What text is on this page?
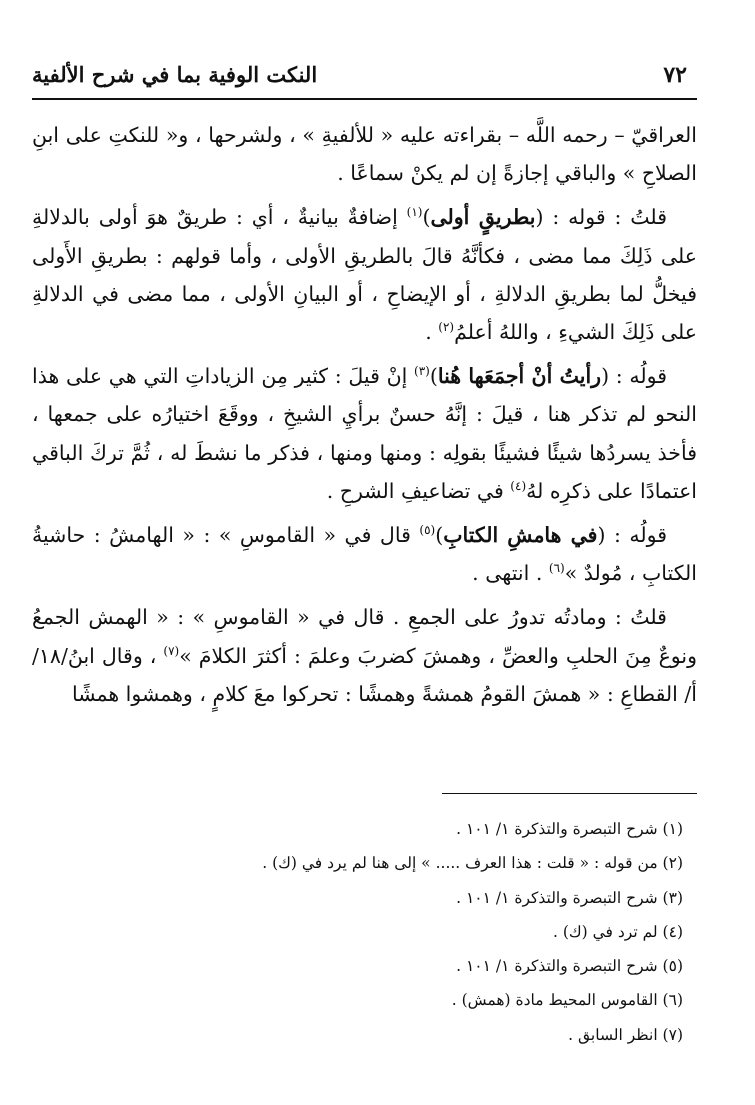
٧٢
النكت الوفية بما في شرح الألفية

العراقيّ – رحمه اللَّه – بقراءته عليه « للألفيةِ » ، ولشرحها ، و« للنكتِ على ابنِ الصلاحِ » والباقي إجازةً إن لم يكنْ سماعًا .

قلتُ : قوله : (بطريقٍ أولى)$^{(١)}$ إضافةٌ بيانيةٌ ، أي : طريقٌ هوَ أولى بالدلالةِ على ذَلِكَ مما مضى ، فكأنَّهُ قالَ بالطريقِ الأولى ، وأما قولهم : بطريقِ الأَولى فيخلُّ لما بطريقِ الدلالةِ ، أو الإيضاحِ ، أو البيانِ الأولى ، مما مضى في الدلالةِ على ذَلِكَ الشيءِ ، واللهُ أعلمُ$^{(٢)}$ .

قولُه : (رأيتُ أنْ أجمَعَها هُنا)$^{(٣)}$ إنْ قيلَ : كثير مِن الزياداتِ التي هي على هذا النحو لم تذكر هنا ، قيلَ : إنَّهُ حسنٌ برأيِ الشيخِ ، ووقَعَ اختيارُه على جمعها ، فأخذ يسردُها شيئًا فشيئًا بقولِه : ومنها ومنها ، فذكر ما نشطَ له ، ثُمَّ تركَ الباقي اعتمادًا على ذكرِه لهُ$^{(٤)}$ في تضاعيفِ الشرحِ .

قولُه : (في هامشِ الكتابِ)$^{(٥)}$ قال في « القاموسِ » : « الهامشُ : حاشيةُ الكتابِ ، مُولدٌ »$^{(٦)}$ . انتهى .

قلتُ : ومادتُه تدورُ على الجمعِ . قال في « القاموسِ » : « الهمش الجمعُ ونوعٌ مِنَ الحلبِ والعضِّ ، وهمشَ كضربَ وعلمَ : أكثرَ الكلامَ »$^{(٧)}$ ، وقال ابنُ/١٨/أ/ القطاعِ : « همشَ القومُ همشةً وهمشًا : تحركوا معَ كلامٍ ، وهمشوا همشًا

(١) شرح التبصرة والتذكرة ١/ ١٠١ .
(٢) من قوله : « قلت : هذا العرف ..... » إلى هنا لم يرد في (ك) .
(٣) شرح التبصرة والتذكرة ١/ ١٠١ .
(٤) لم ترد في (ك) .
(٥) شرح التبصرة والتذكرة ١/ ١٠١ .
(٦) القاموس المحيط مادة (همش) .
(٧) انظر السابق .
